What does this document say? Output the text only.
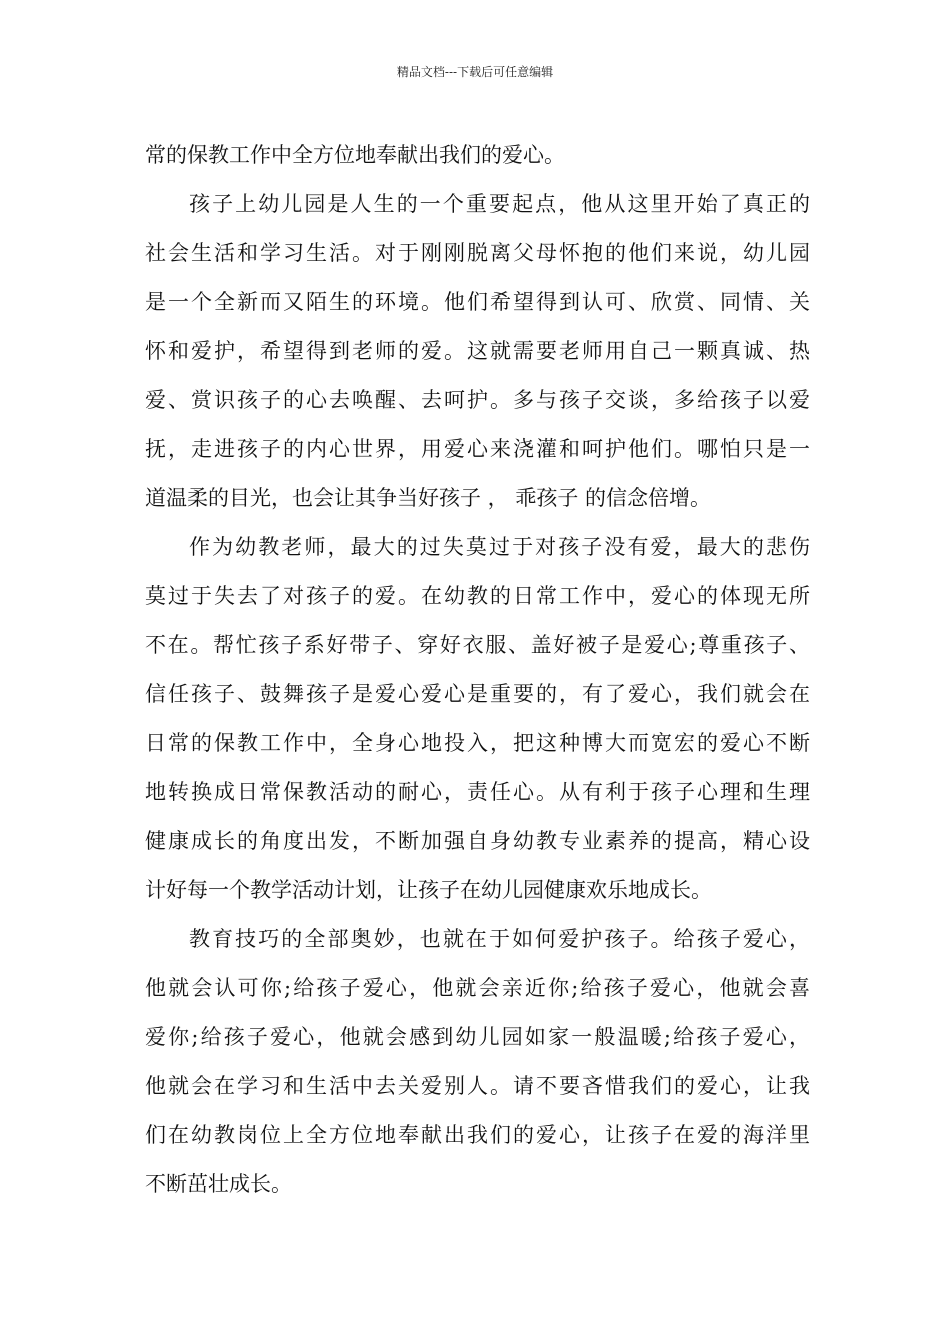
精品文档---下载后可任意编辑
常的保教工作中全方位地奉献出我们的爱心。
孩子上幼儿园是人生的一个重要起点，他从这里开始了真正的
社会生活和学习生活。对于刚刚脱离父母怀抱的他们来说，幼儿园
是一个全新而又陌生的环境。他们希望得到认可、欣赏、同情、关
怀和爱护，希望得到老师的爱。这就需要老师用自己一颗真诚、热
爱、赏识孩子的心去唤醒、去呵护。多与孩子交谈，多给孩子以爱
抚，走进孩子的内心世界，用爱心来浇灌和呵护他们。哪怕只是一
道温柔的目光，也会让其争当好孩子 ， 乖孩子 的信念倍增。
作为幼教老师，最大的过失莫过于对孩子没有爱，最大的悲伤
莫过于失去了对孩子的爱。在幼教的日常工作中，爱心的体现无所
不在。帮忙孩子系好带子、穿好衣服、盖好被子是爱心;尊重孩子、
信任孩子、鼓舞孩子是爱心爱心是重要的，有了爱心，我们就会在
日常的保教工作中，全身心地投入，把这种博大而宽宏的爱心不断
地转换成日常保教活动的耐心，责任心。从有利于孩子心理和生理
健康成长的角度出发，不断加强自身幼教专业素养的提高，精心设
计好每一个教学活动计划，让孩子在幼儿园健康欢乐地成长。
教育技巧的全部奥妙，也就在于如何爱护孩子。给孩子爱心，
他就会认可你;给孩子爱心，他就会亲近你;给孩子爱心，他就会喜
爱你;给孩子爱心，他就会感到幼儿园如家一般温暖;给孩子爱心，
他就会在学习和生活中去关爱别人。请不要吝惜我们的爱心，让我
们在幼教岗位上全方位地奉献出我们的爱心，让孩子在爱的海洋里
不断茁壮成长。
